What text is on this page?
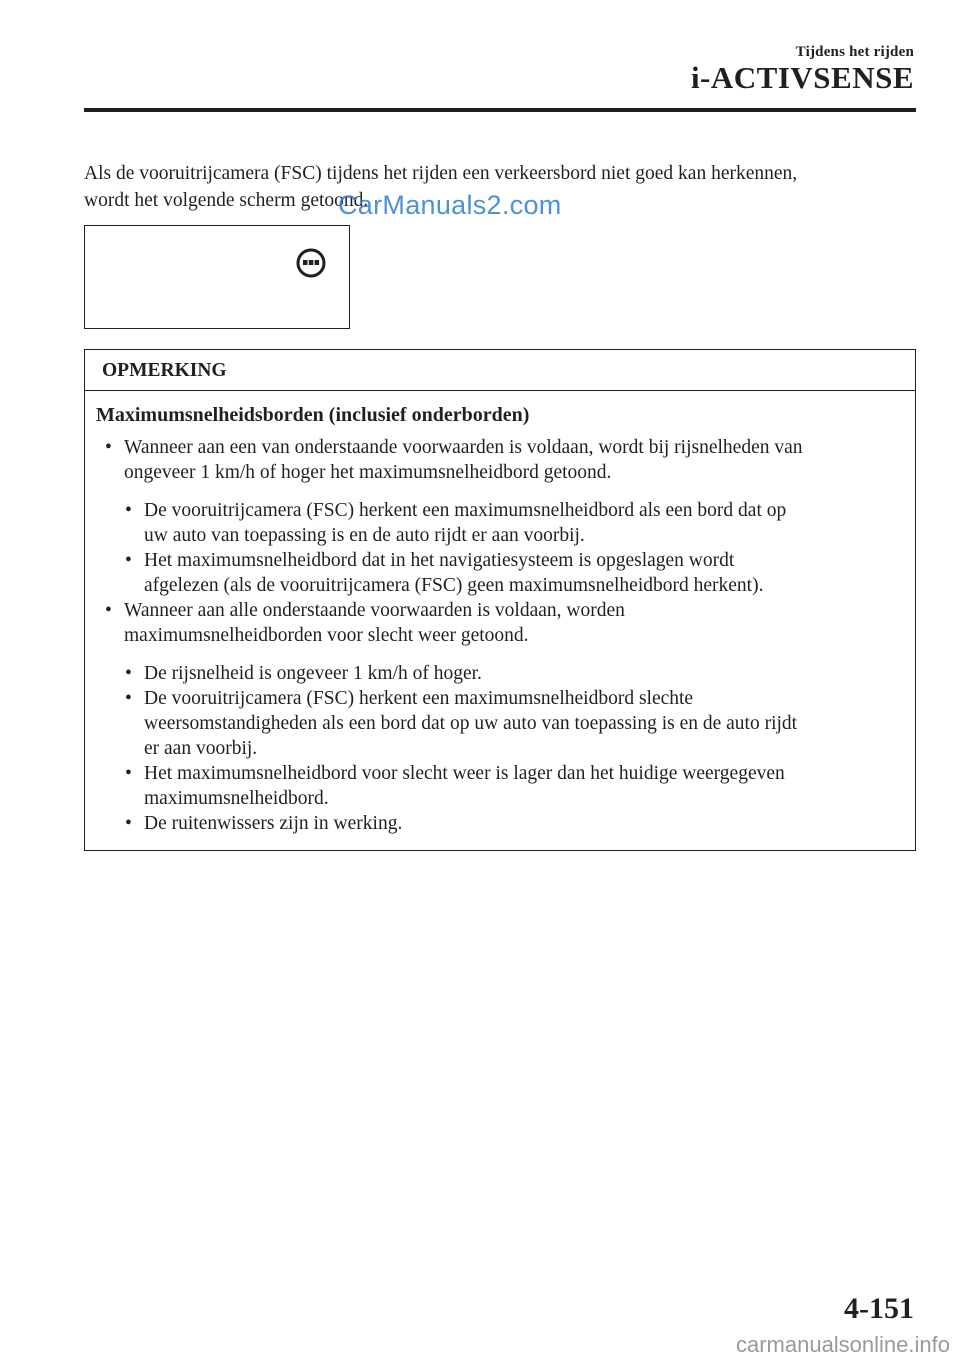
Tijdens het rijden
i-ACTIVSENSE
Als de vooruitrijcamera (FSC) tijdens het rijden een verkeersbord niet goed kan herkennen,
wordt het volgende scherm getoond.
CarManuals2.com
OPMERKING
Maximumsnelheidsborden (inclusief onderborden)
• Wanneer aan een van onderstaande voorwaarden is voldaan, wordt bij rijsnelheden van
ongeveer 1 km/h of hoger het maximumsnelheidbord getoond.
• De vooruitrijcamera (FSC) herkent een maximumsnelheidbord als een bord dat op
uw auto van toepassing is en de auto rijdt er aan voorbij.
• Het maximumsnelheidbord dat in het navigatiesysteem is opgeslagen wordt
afgelezen (als de vooruitrijcamera (FSC) geen maximumsnelheidbord herkent).
• Wanneer aan alle onderstaande voorwaarden is voldaan, worden
maximumsnelheidborden voor slecht weer getoond.
• De rijsnelheid is ongeveer 1 km/h of hoger.
• De vooruitrijcamera (FSC) herkent een maximumsnelheidbord slechte
weersomstandigheden als een bord dat op uw auto van toepassing is en de auto rijdt
er aan voorbij.
• Het maximumsnelheidbord voor slecht weer is lager dan het huidige weergegeven
maximumsnelheidbord.
• De ruitenwissers zijn in werking.
4-151
carmanualsonline.info
